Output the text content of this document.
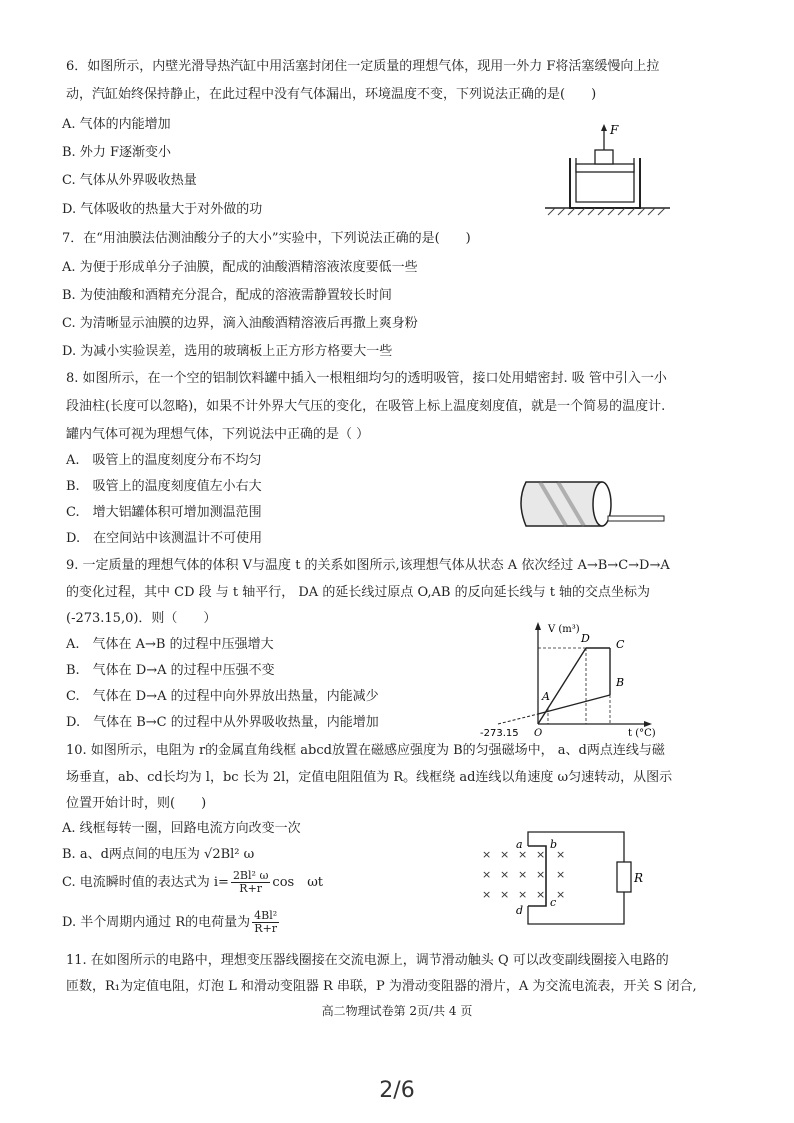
6．如图所示，内壁光滑导热汽缸中用活塞封闭住一定质量的理想气体，现用一外力 F将活塞缓慢向上拉
动，汽缸始终保持静止，在此过程中没有气体漏出，环境温度不变，下列说法正确的是(　　)
A. 气体的内能增加
B. 外力 F逐渐变小
C. 气体从外界吸收热量
D. 气体吸收的热量大于对外做的功
F
7．在“用油膜法估测油酸分子的大小”实验中，下列说法正确的是(　　)
A. 为便于形成单分子油膜，配成的油酸酒精溶液浓度要低一些
B. 为使油酸和酒精充分混合，配成的溶液需静置较长时间
C. 为清晰显示油膜的边界，滴入油酸酒精溶液后再撒上爽身粉
D. 为减小实验误差，选用的玻璃板上正方形方格要大一些
8. 如图所示，在一个空的铝制饮料罐中插入一根粗细均匀的透明吸管，接口处用蜡密封. 吸 管中引入一小
段油柱(长度可以忽略)，如果不计外界大气压的变化，在吸管上标上温度刻度值，就是一个简易的温度计.
罐内气体可视为理想气体，下列说法中正确的是（ ）
A.　吸管上的温度刻度分布不均匀
B.　吸管上的温度刻度值左小右大
C.　增大铝罐体积可增加测温范围
D.　在空间站中该测温计不可使用
9. 一定质量的理想气体的体积 V与温度 t 的关系如图所示,该理想气体从状态 A 依次经过 A→B→C→D→A
的变化过程，其中 CD 段 与 t 轴平行， DA 的延长线过原点 O,AB 的反向延长线与 t 轴的交点坐标为
(-273.15,0)．则（　　）
A.　气体在 A→B 的过程中压强增大
B.　气体在 D→A 的过程中压强不变
C.　气体在 D→A 的过程中向外界放出热量，内能减少
D.　气体在 B→C 的过程中从外界吸收热量，内能增加
V (m³)
t (°C)
-273.15 O
A
B
C
D
10. 如图所示，电阻为 r的金属直角线框 abcd放置在磁感应强度为 B的匀强磁场中， a、d两点连线与磁
场垂直，ab、cd长均为 l，bc 长为 2l，定值电阻阻值为 R。线框绕 ad连线以角速度 ω匀速转动，从图示
位置开始计时，则(　　)
A. 线框每转一圈，回路电流方向改变一次
B. a、d两点间的电压为 √2Bl² ω
C. 电流瞬时值的表达式为 $i= \frac{\text{2Bl² ω}}{R+r}$ cos　ωt
D. 半个周期内通过 R的电荷量为 $\frac{\text{4Bl²}}{R+r}$
× × × × ×
× × × × ×
× × × × ×
a b
c
d
R
11. 在如图所示的电路中，理想变压器线圈接在交流电源上，调节滑动触头 Q 可以改变副线圈接入电路的
匝数，R₁为定值电阻，灯泡 L 和滑动变阻器 R 串联，P 为滑动变阻器的滑片，A 为交流电流表，开关 S 闭合,
高二物理试卷第 2页/共 4 页
2/6
